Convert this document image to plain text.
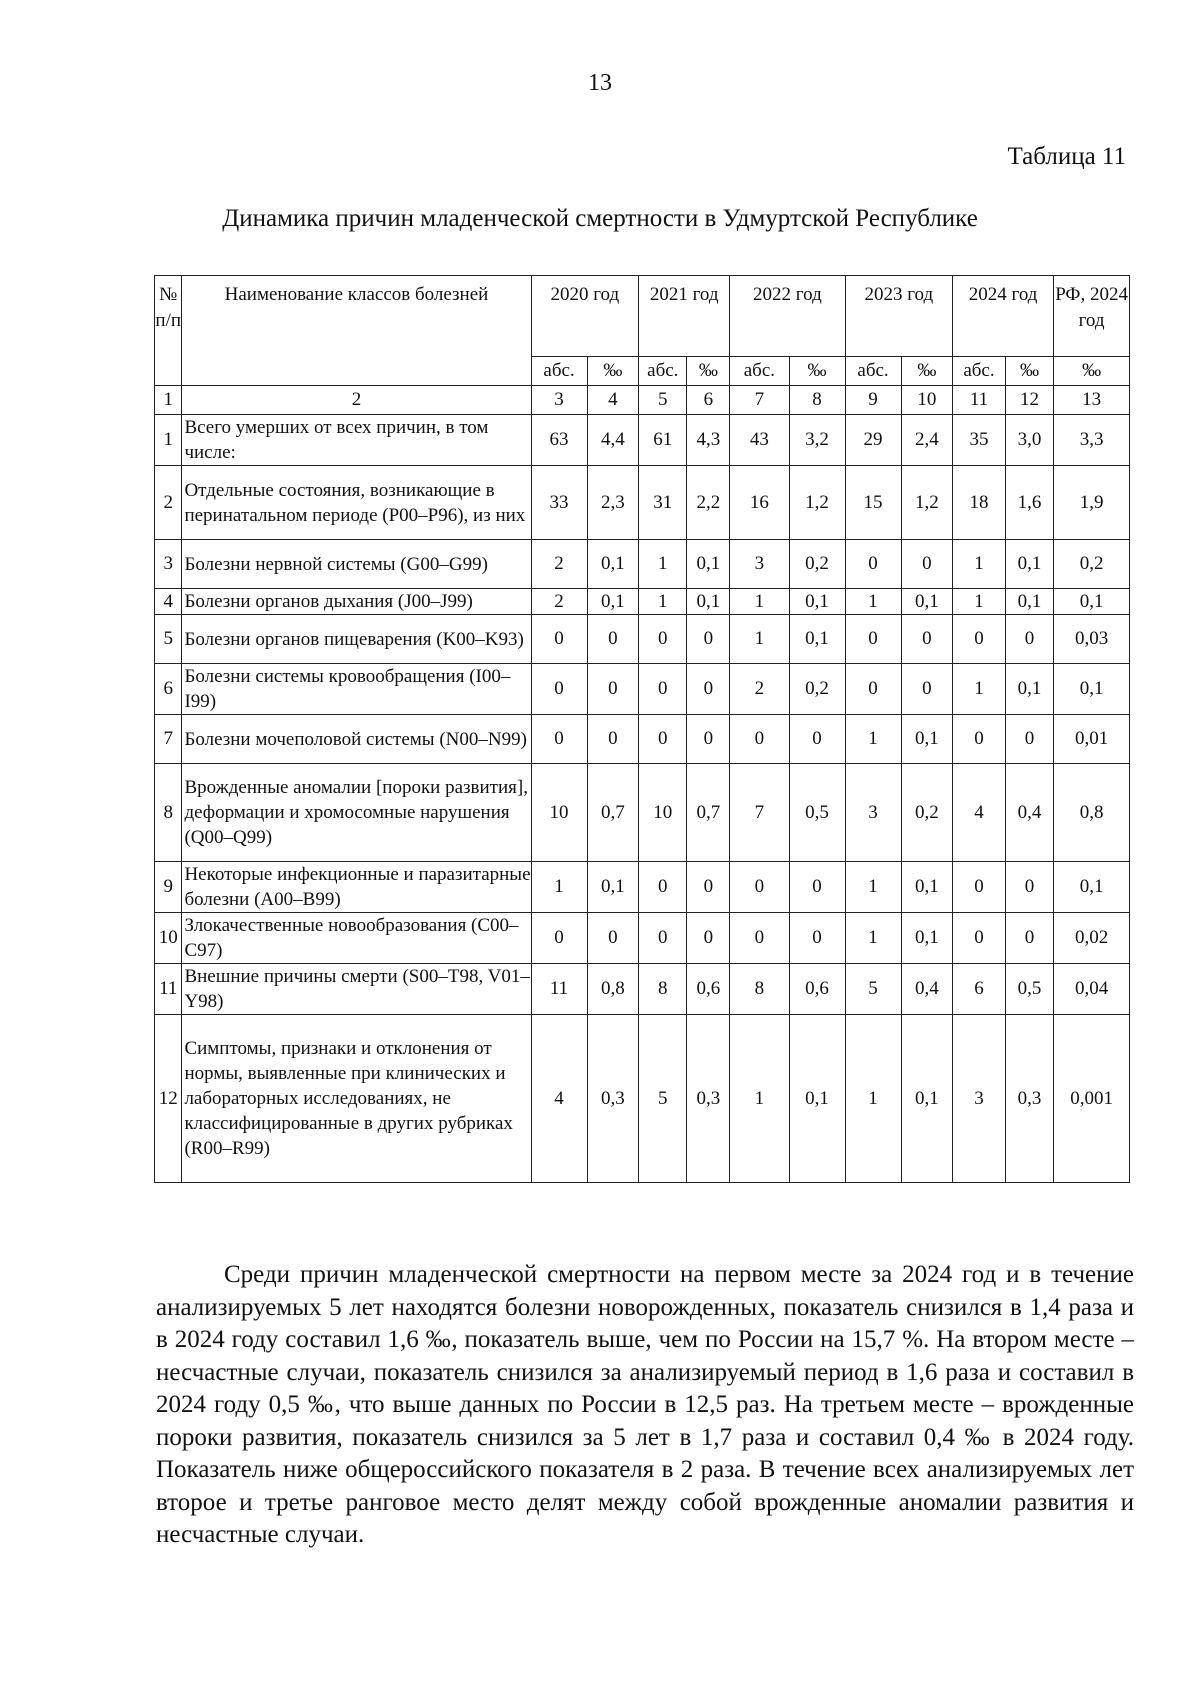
13
Таблица 11
Динамика причин младенческой смертности в Удмуртской Республике
№ п/п	Наименование классов болезней	2020 год		2021 год		2022 год		2023 год		2024 год		РФ, 2024 год
		абс.	‰	абс.	‰	абс.	‰	абс.	‰	абс.	‰	‰
1	2	3	4	5	6	7	8	9	10	11	12	13
1	Всего умерших от всех причин, в том числе:	63	4,4	61	4,3	43	3,2	29	2,4	35	3,0	3,3
2	Отдельные состояния, возникающие в перинатальном периоде (P00–P96), из них	33	2,3	31	2,2	16	1,2	15	1,2	18	1,6	1,9
3	Болезни нервной системы (G00–G99)	2	0,1	1	0,1	3	0,2	0	0	1	0,1	0,2
4	Болезни органов дыхания (J00–J99)	2	0,1	1	0,1	1	0,1	1	0,1	1	0,1	0,1
5	Болезни органов пищеварения (K00–K93)	0	0	0	0	1	0,1	0	0	0	0	0,03
6	Болезни системы кровообращения (I00–I99)	0	0	0	0	2	0,2	0	0	1	0,1	0,1
7	Болезни мочеполовой системы (N00–N99)	0	0	0	0	0	0	1	0,1	0	0	0,01
8	Врожденные аномалии [пороки развития], деформации и хромосомные нарушения (Q00–Q99)	10	0,7	10	0,7	7	0,5	3	0,2	4	0,4	0,8
9	Некоторые инфекционные и паразитарные болезни (A00–B99)	1	0,1	0	0	0	0	1	0,1	0	0	0,1
10	Злокачественные новообразования (C00–C97)	0	0	0	0	0	0	1	0,1	0	0	0,02
11	Внешние причины смерти (S00–T98, V01–Y98)	11	0,8	8	0,6	8	0,6	5	0,4	6	0,5	0,04
12	Симптомы, признаки и отклонения от нормы, выявленные при клинических и лабораторных исследованиях, не классифицированные в других рубриках (R00–R99)	4	0,3	5	0,3	1	0,1	1	0,1	3	0,3	0,001

Среди причин младенческой смертности на первом месте за 2024 год и в течение анализируемых 5 лет находятся болезни новорожденных, показатель снизился в 1,4 раза и в 2024 году составил 1,6 ‰, показатель выше, чем по России на 15,7 %. На втором месте – несчастные случаи, показатель снизился за анализируемый период в 1,6 раза и составил в 2024 году 0,5 ‰, что выше данных по России в 12,5 раз. На третьем месте – врожденные пороки развития, показатель снизился за 5 лет в 1,7 раза и составил 0,4 ‰ в 2024 году. Показатель ниже общероссийского показателя в 2 раза. В течение всех анализируемых лет второе и третье ранговое место делят между собой врожденные аномалии развития и несчастные случаи.
